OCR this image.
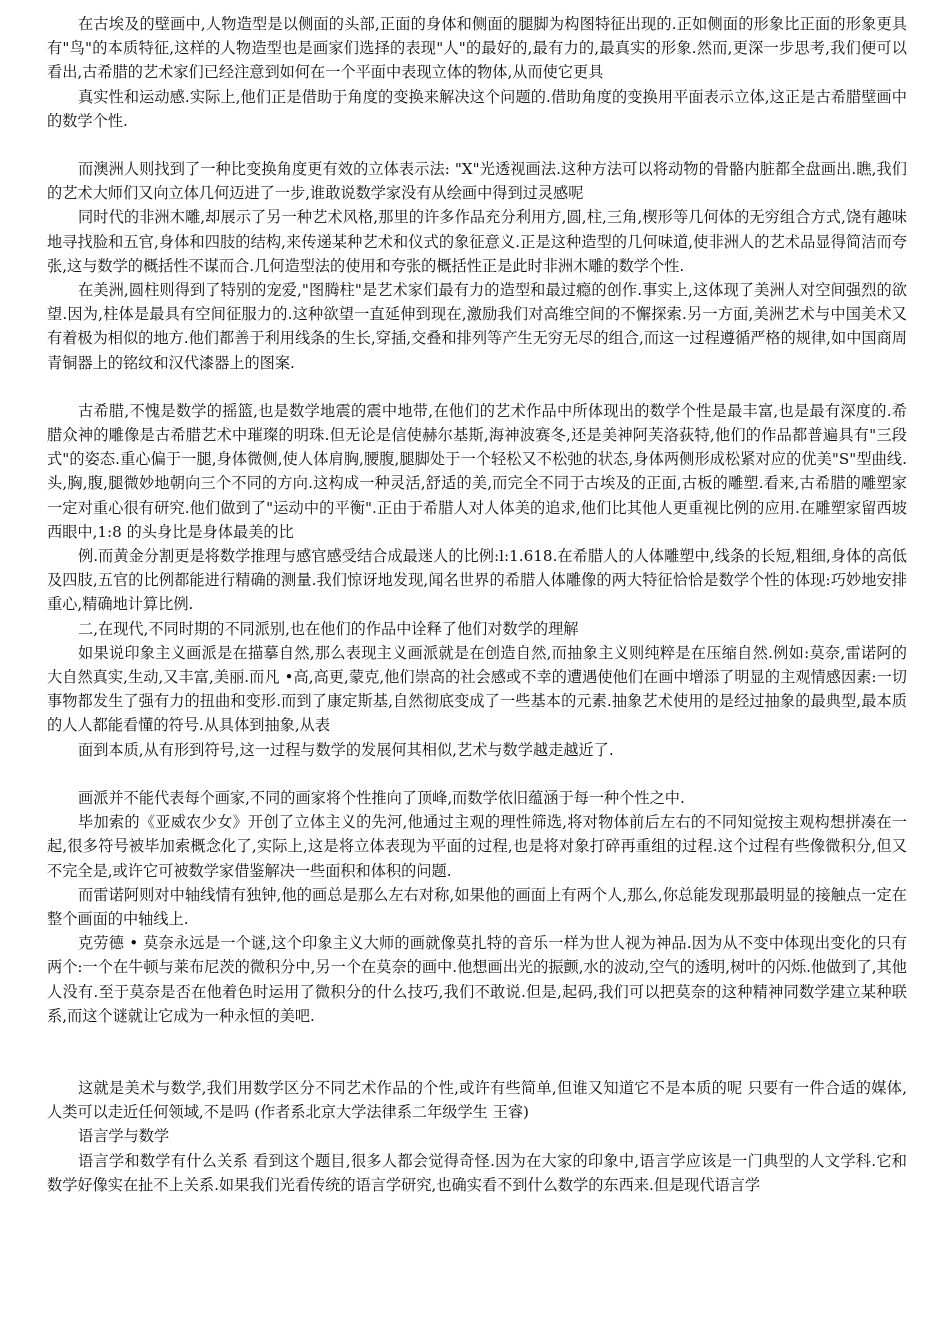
在古埃及的壁画中,人物造型是以侧面的头部,正面的身体和侧面的腿脚为构图特征出现的.正如侧面的形象比正面的形象更具有"鸟"的本质特征,这样的人物造型也是画家们选择的表现"人"的最好的,最有力的,最真实的形象.然而,更深一步思考,我们便可以看出,古希腊的艺术家们已经注意到如何在一个平面中表现立体的物体,从而使它更具

真实性和运动感.实际上,他们正是借助于角度的变换来解决这个问题的.借助角度的变换用平面表示立体,这正是古希腊壁画中的数学个性.

而澳洲人则找到了一种比变换角度更有效的立体表示法: "X"光透视画法.这种方法可以将动物的骨骼内脏都全盘画出.瞧,我们的艺术大师们又向立体几何迈进了一步,谁敢说数学家没有从绘画中得到过灵感呢

同时代的非洲木雕,却展示了另一种艺术风格,那里的许多作品充分利用方,圆,柱,三角,楔形等几何体的无穷组合方式,饶有趣味地寻找脸和五官,身体和四肢的结构,来传递某种艺术和仪式的象征意义.正是这种造型的几何味道,使非洲人的艺术品显得简洁而夸张,这与数学的概括性不谋而合.几何造型法的使用和夸张的概括性正是此时非洲木雕的数学个性.

在美洲,圆柱则得到了特别的宠爱,"图腾柱"是艺术家们最有力的造型和最过瘾的创作.事实上,这体现了美洲人对空间强烈的欲望.因为,柱体是最具有空间征服力的.这种欲望一直延伸到现在,激励我们对高维空间的不懈探索.另一方面,美洲艺术与中国美术又有着极为相似的地方.他们都善于利用线条的生长,穿插,交叠和排列等产生无穷无尽的组合,而这一过程遵循严格的规律,如中国商周青铜器上的铭纹和汉代漆器上的图案.

古希腊,不愧是数学的摇篮,也是数学地震的震中地带,在他们的艺术作品中所体现出的数学个性是最丰富,也是最有深度的.希腊众神的雕像是古希腊艺术中璀璨的明珠.但无论是信使赫尔基斯,海神波赛冬,还是美神阿芙洛荻特,他们的作品都普遍具有"三段式"的姿态.重心偏于一腿,身体微侧,使人体肩胸,腰腹,腿脚处于一个轻松又不松弛的状态,身体两侧形成松紧对应的优美"S"型曲线.头,胸,腹,腿微妙地朝向三个不同的方向.这构成一种灵活,舒适的美,而完全不同于古埃及的正面,古板的雕塑.看来,古希腊的雕塑家一定对重心很有研究.他们做到了"运动中的平衡".正由于希腊人对人体美的追求,他们比其他人更重视比例的应用.在雕塑家留西坡西眼中,1:8 的头身比是身体最美的比

例.而黄金分割更是将数学推理与感官感受结合成最迷人的比例:l:1.618.在希腊人的人体雕塑中,线条的长短,粗细,身体的高低及四肢,五官的比例都能进行精确的测量.我们惊讶地发现,闻名世界的希腊人体雕像的两大特征恰恰是数学个性的体现:巧妙地安排重心,精确地计算比例.

二,在现代,不同时期的不同派别,也在他们的作品中诠释了他们对数学的理解

如果说印象主义画派是在描摹自然,那么表现主义画派就是在创造自然,而抽象主义则纯粹是在压缩自然.例如:莫奈,雷诺阿的大自然真实,生动,又丰富,美丽.而凡 •高,高更,蒙克,他们崇高的社会感或不幸的遭遇使他们在画中增添了明显的主观情感因素:一切事物都发生了强有力的扭曲和变形.而到了康定斯基,自然彻底变成了一些基本的元素.抽象艺术使用的是经过抽象的最典型,最本质的人人都能看懂的符号.从具体到抽象,从表

面到本质,从有形到符号,这一过程与数学的发展何其相似,艺术与数学越走越近了.

画派并不能代表每个画家,不同的画家将个性推向了顶峰,而数学依旧蕴涵于每一种个性之中.

毕加索的《亚威农少女》开创了立体主义的先河,他通过主观的理性筛选,将对物体前后左右的不同知觉按主观构想拼凑在一起,很多符号被毕加索概念化了,实际上,这是将立体表现为平面的过程,也是将对象打碎再重组的过程.这个过程有些像微积分,但又不完全是,或许它可被数学家借鉴解决一些面积和体积的问题.

而雷诺阿则对中轴线情有独钟,他的画总是那么左右对称,如果他的画面上有两个人,那么,你总能发现那最明显的接触点一定在整个画面的中轴线上.

克劳德 • 莫奈永远是一个谜,这个印象主义大师的画就像莫扎特的音乐一样为世人视为神品.因为从不变中体现出变化的只有两个:一个在牛顿与莱布尼茨的微积分中,另一个在莫奈的画中.他想画出光的振颤,水的波动,空气的透明,树叶的闪烁.他做到了,其他人没有.至于莫奈是否在他着色时运用了微积分的什么技巧,我们不敢说.但是,起码,我们可以把莫奈的这种精神同数学建立某种联系,而这个谜就让它成为一种永恒的美吧.

这就是美术与数学,我们用数学区分不同艺术作品的个性,或许有些简单,但谁又知道它不是本质的呢 只要有一件合适的媒体,人类可以走近任何领域,不是吗 (作者系北京大学法律系二年级学生 王睿)

语言学与数学

语言学和数学有什么关系 看到这个题目,很多人都会觉得奇怪.因为在大家的印象中,语言学应该是一门典型的人文学科.它和数学好像实在扯不上关系.如果我们光看传统的语言学研究,也确实看不到什么数学的东西来.但是现代语言学
